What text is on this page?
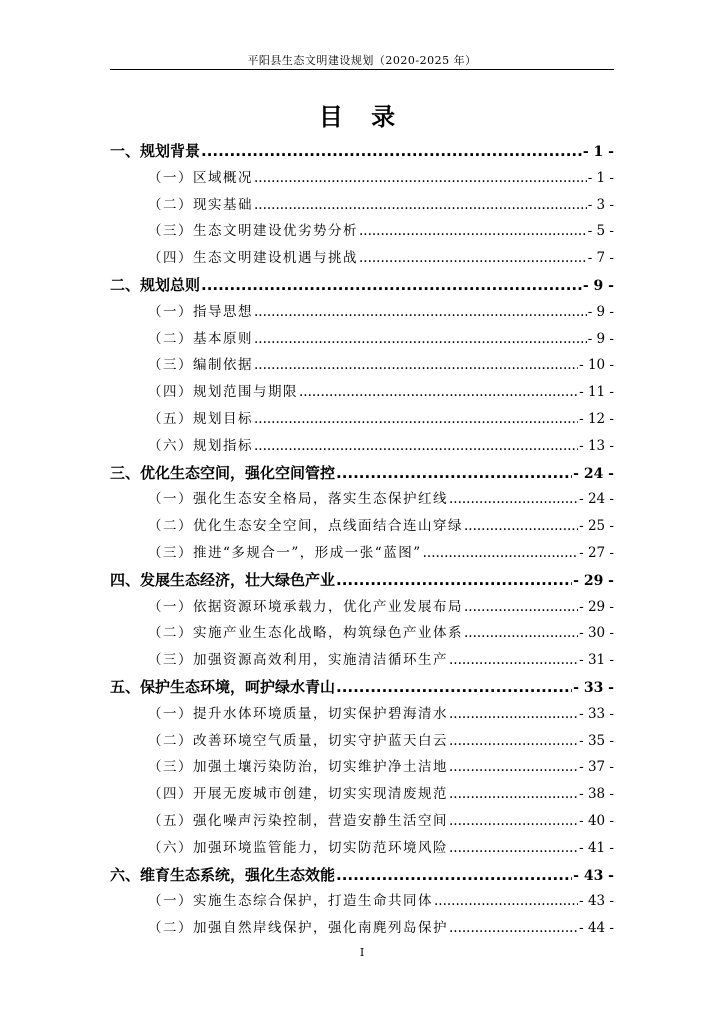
平阳县生态文明建设规划（2020-2025 年）
目 录
一、规划背景 .....	- 1 -
（一）区域概况 .....	- 1 -
（二）现实基础 .....	- 3 -
（三）生态文明建设优劣势分析 .....	- 5 -
（四）生态文明建设机遇与挑战 .....	- 7 -
二、规划总则 .....	- 9 -
（一）指导思想 .....	- 9 -
（二）基本原则 .....	- 9 -
（三）编制依据 .....	- 10 -
（四）规划范围与期限 .....	- 11 -
（五）规划目标 .....	- 12 -
（六）规划指标 .....	- 13 -
三、优化生态空间，强化空间管控 .....	- 24 -
（一）强化生态安全格局，落实生态保护红线 .....	- 24 -
（二）优化生态安全空间，点线面结合连山穿绿 .....	- 25 -
（三）推进“多规合一”，形成一张“蓝图” .....	- 27 -
四、发展生态经济，壮大绿色产业 .....	- 29 -
（一）依据资源环境承载力，优化产业发展布局 .....	- 29 -
（二）实施产业生态化战略，构筑绿色产业体系 .....	- 30 -
（三）加强资源高效利用，实施清洁循环生产 .....	- 31 -
五、保护生态环境，呵护绿水青山 .....	- 33 -
（一）提升水体环境质量，切实保护碧海清水 .....	- 33 -
（二）改善环境空气质量，切实守护蓝天白云 .....	- 35 -
（三）加强土壤污染防治，切实维护净土洁地 .....	- 37 -
（四）开展无废城市创建，切实实现清废规范 .....	- 38 -
（五）强化噪声污染控制，营造安静生活空间 .....	- 40 -
（六）加强环境监管能力，切实防范环境风险 .....	- 41 -
六、维育生态系统，强化生态效能 .....	- 43 -
（一）实施生态综合保护，打造生命共同体 .....	- 43 -
（二）加强自然岸线保护，强化南麂列岛保护 .....	- 44 -
I
